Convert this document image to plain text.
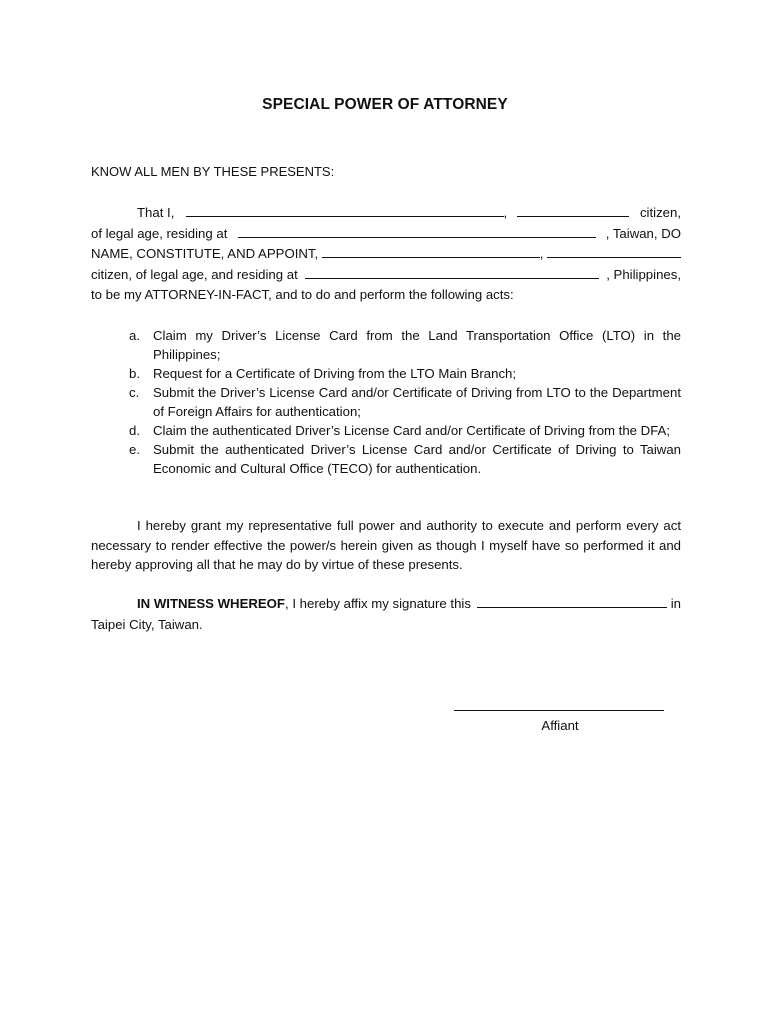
SPECIAL POWER OF ATTORNEY
KNOW ALL MEN BY THESE PRESENTS:
That I,	,	citizen,
of legal age, residing at	, Taiwan, DO
NAME, CONSTITUTE, AND APPOINT,	,
citizen, of legal age, and residing at	, Philippines,
to be my ATTORNEY-IN-FACT, and to do and perform the following acts:
a. Claim my Driver’s License Card from the Land Transportation Office (LTO) in the Philippines;
b. Request for a Certificate of Driving from the LTO Main Branch;
c. Submit the Driver’s License Card and/or Certificate of Driving from LTO to the Department of Foreign Affairs for authentication;
d. Claim the authenticated Driver’s License Card and/or Certificate of Driving from the DFA;
e. Submit the authenticated Driver’s License Card and/or Certificate of Driving to Taiwan Economic and Cultural Office (TECO) for authentication.

I hereby grant my representative full power and authority to execute and perform every act necessary to render effective the power/s herein given as though I myself have so performed it and hereby approving all that he may do by virtue of these presents.

IN WITNESS WHEREOF, I hereby affix my signature this	in
Taipei City, Taiwan.
Affiant
